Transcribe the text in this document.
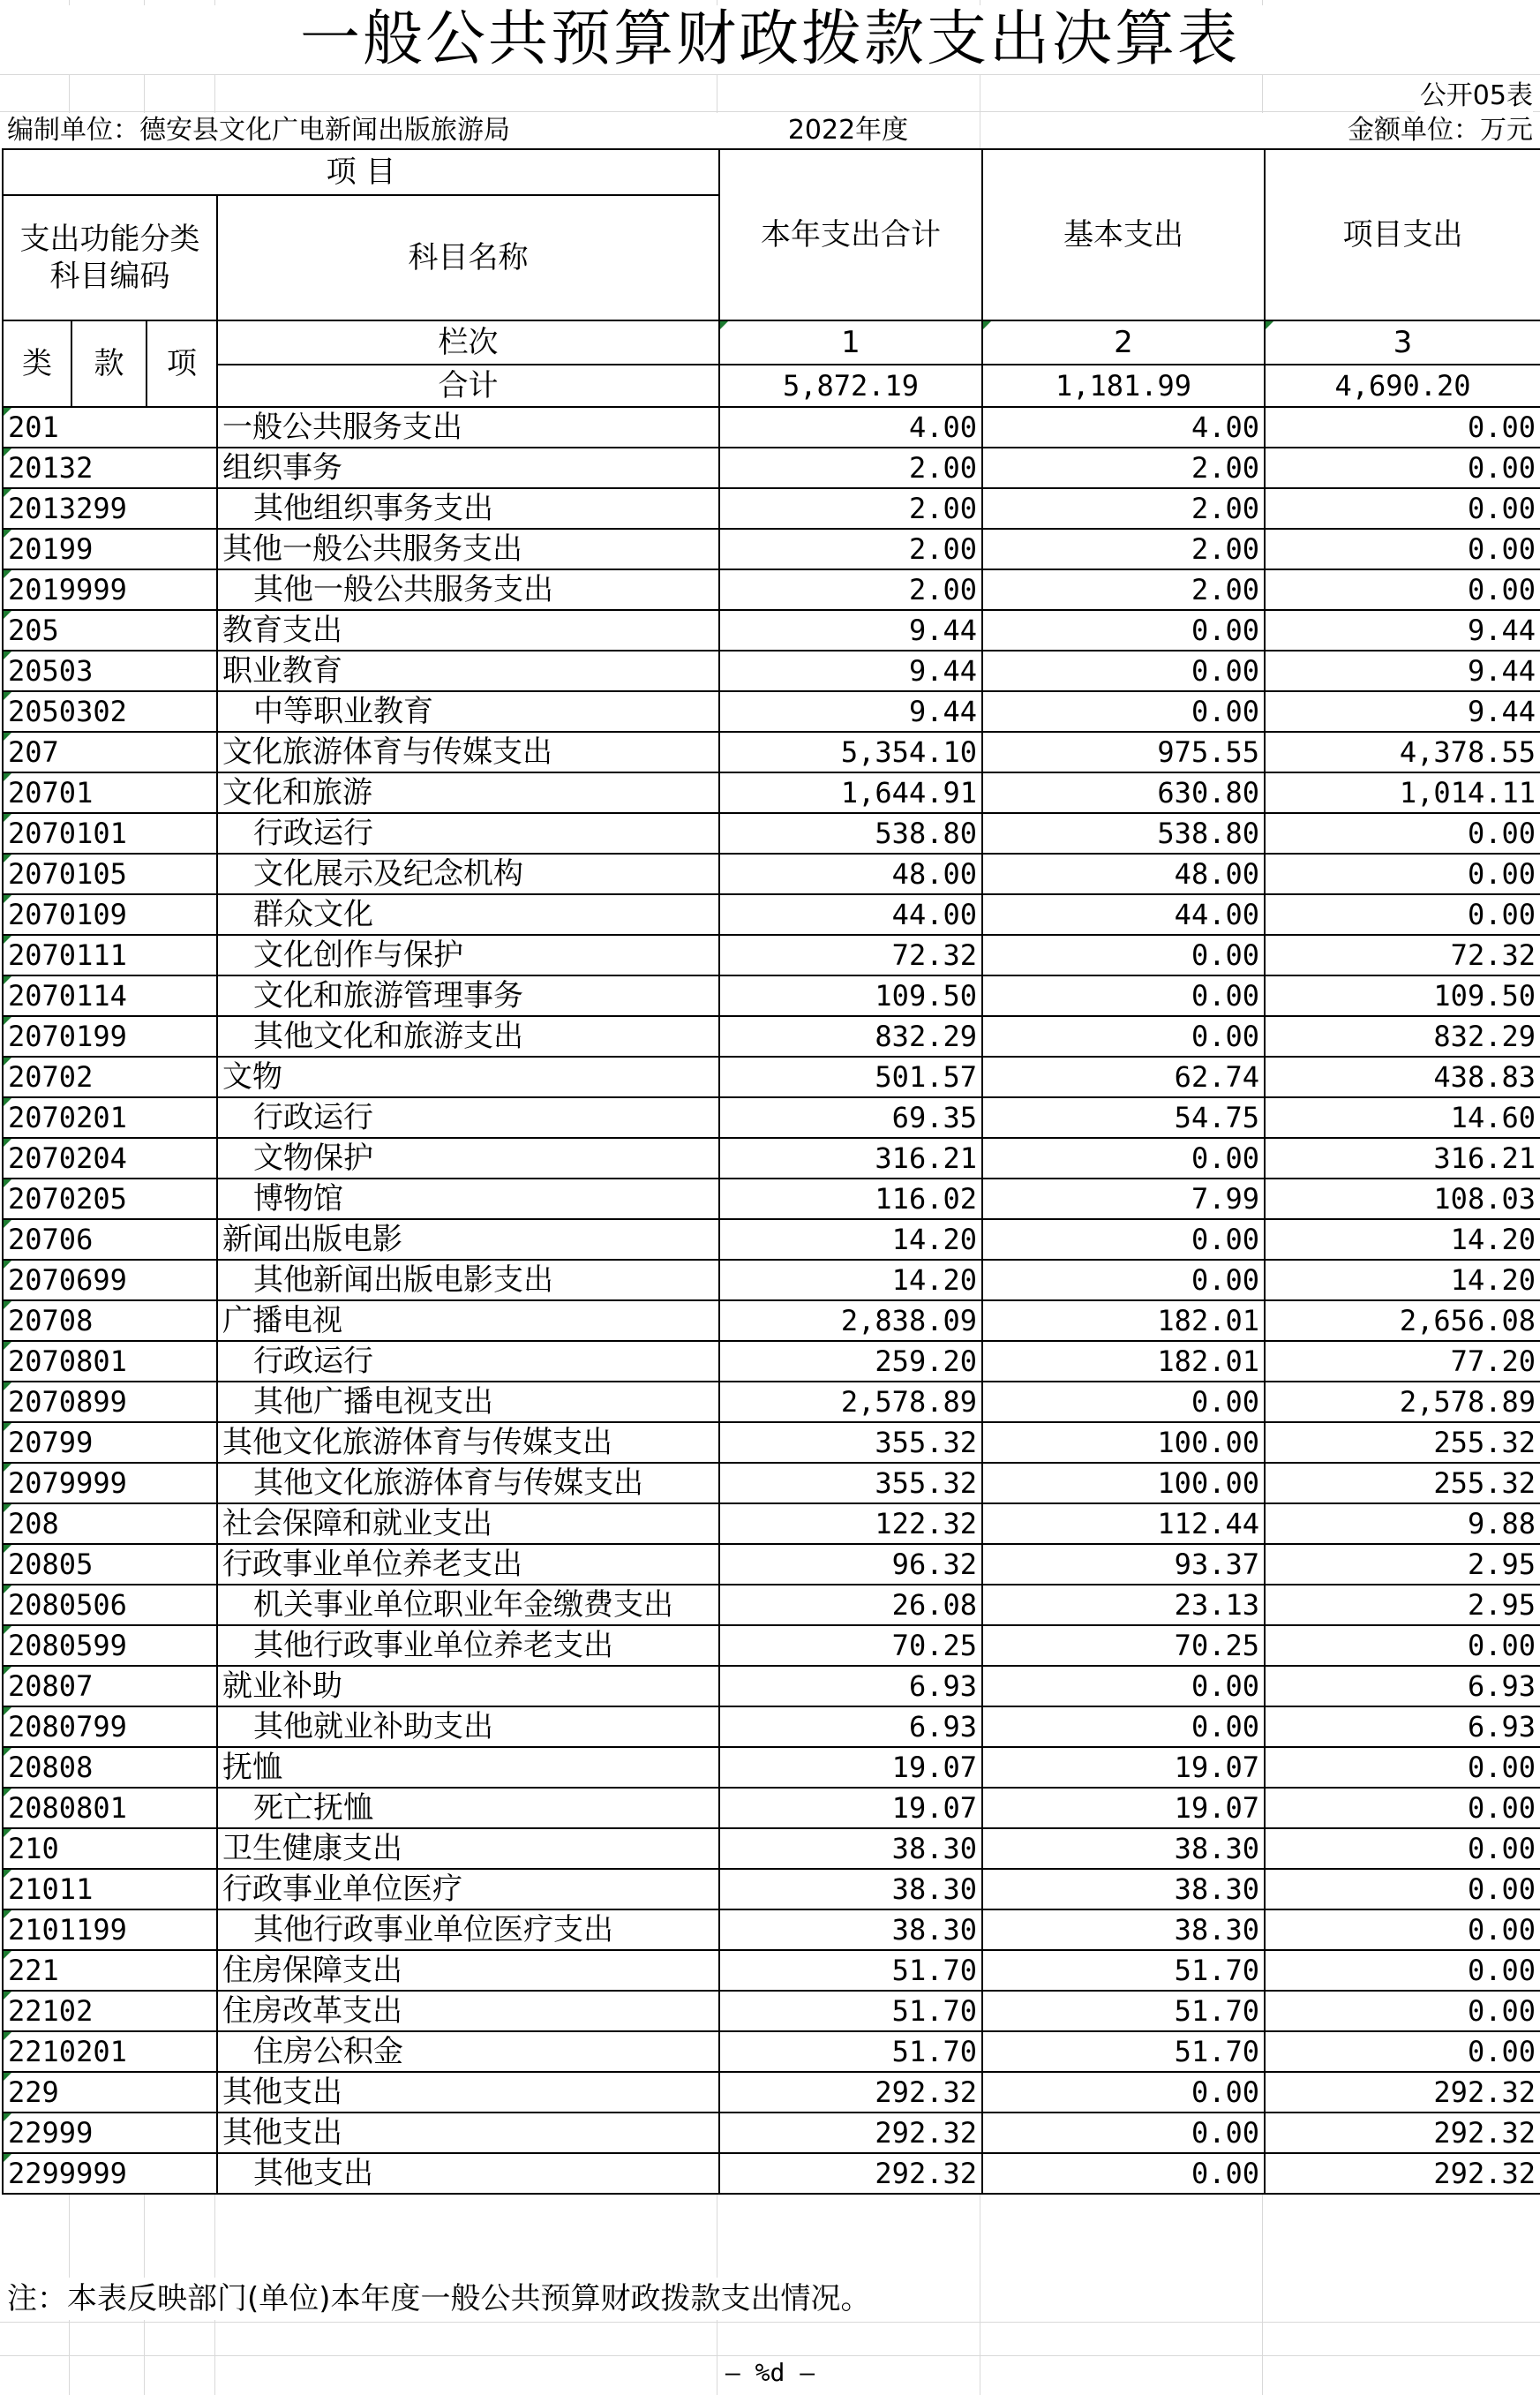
一般公共预算财政拨款支出决算表
公开05表
编制单位：德安县文化广电新闻出版旅游局	2022年度	金额单位：万元
项 目				本年支出合计	基本支出	项目支出
支出功能分类科目编码			科目名称			
类	款	项	栏次	1	2	3
			合计	5,872.19	1,181.99	4,690.20
201			一般公共服务支出	4.00	4.00	0.00
20132			组织事务	2.00	2.00	0.00
2013299			其他组织事务支出	2.00	2.00	0.00
20199			其他一般公共服务支出	2.00	2.00	0.00
2019999			其他一般公共服务支出	2.00	2.00	0.00
205			教育支出	9.44	0.00	9.44
20503			职业教育	9.44	0.00	9.44
2050302			中等职业教育	9.44	0.00	9.44
207			文化旅游体育与传媒支出	5,354.10	975.55	4,378.55
20701			文化和旅游	1,644.91	630.80	1,014.11
2070101			行政运行	538.80	538.80	0.00
2070105			文化展示及纪念机构	48.00	48.00	0.00
2070109			群众文化	44.00	44.00	0.00
2070111			文化创作与保护	72.32	0.00	72.32
2070114			文化和旅游管理事务	109.50	0.00	109.50
2070199			其他文化和旅游支出	832.29	0.00	832.29
20702			文物	501.57	62.74	438.83
2070201			行政运行	69.35	54.75	14.60
2070204			文物保护	316.21	0.00	316.21
2070205			博物馆	116.02	7.99	108.03
20706			新闻出版电影	14.20	0.00	14.20
2070699			其他新闻出版电影支出	14.20	0.00	14.20
20708			广播电视	2,838.09	182.01	2,656.08
2070801			行政运行	259.20	182.01	77.20
2070899			其他广播电视支出	2,578.89	0.00	2,578.89
20799			其他文化旅游体育与传媒支出	355.32	100.00	255.32
2079999			其他文化旅游体育与传媒支出	355.32	100.00	255.32
208			社会保障和就业支出	122.32	112.44	9.88
20805			行政事业单位养老支出	96.32	93.37	2.95
2080506			机关事业单位职业年金缴费支出	26.08	23.13	2.95
2080599			其他行政事业单位养老支出	70.25	70.25	0.00
20807			就业补助	6.93	0.00	6.93
2080799			其他就业补助支出	6.93	0.00	6.93
20808			抚恤	19.07	19.07	0.00
2080801			死亡抚恤	19.07	19.07	0.00
210			卫生健康支出	38.30	38.30	0.00
21011			行政事业单位医疗	38.30	38.30	0.00
2101199			其他行政事业单位医疗支出	38.30	38.30	0.00
221			住房保障支出	51.70	51.70	0.00
22102			住房改革支出	51.70	51.70	0.00
2210201			住房公积金	51.70	51.70	0.00
229			其他支出	292.32	0.00	292.32
22999			其他支出	292.32	0.00	292.32
2299999			其他支出	292.32	0.00	292.32
注：本表反映部门(单位)本年度一般公共预算财政拨款支出情况。
— %d —
